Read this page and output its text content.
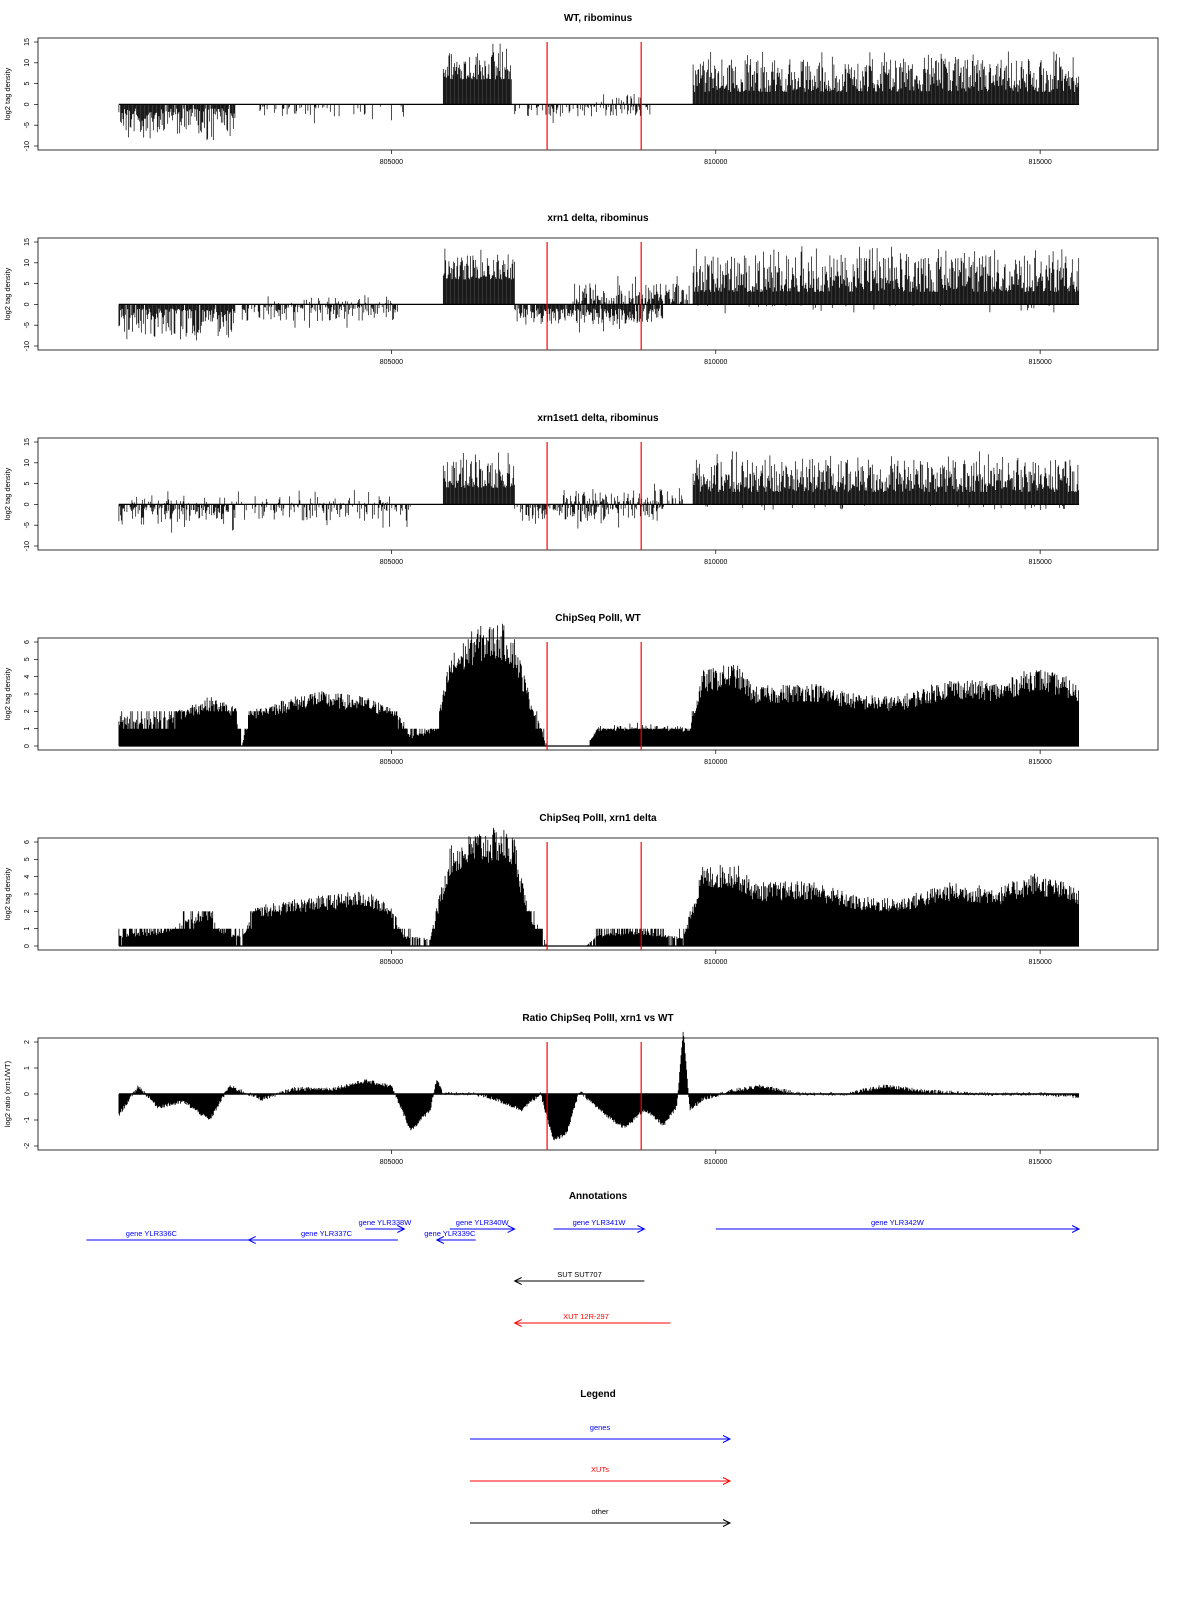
WT, ribominus
-10
-5
0
5
10
15
log2 tag density
805000	810000	815000
xrn1 delta, ribominus
-10
-5
0
5
10
15
log2 tag density
805000	810000	815000
xrn1set1 delta, ribominus
-10
-5
0
5
10
15
log2 tag density
805000	810000	815000
ChipSeq PolII, WT
0
1
2
3
4
5
6
log2 tag density
805000	810000	815000
ChipSeq PolII, xrn1 delta
0
1
2
3
4
5
6
log2 tag density
805000	810000	815000
Ratio ChipSeq PolII, xrn1 vs WT
-2
-1
0
1
2
log2 ratio (xrn1/WT)
805000	810000	815000
Annotations
gene YLR336C	gene YLR337C
gene YLR338W	gene YLR340W
gene YLR339C
gene YLR341W	gene YLR342W
SUT SUT707
XUT 12R-297
Legend
genes
XUTs
other
